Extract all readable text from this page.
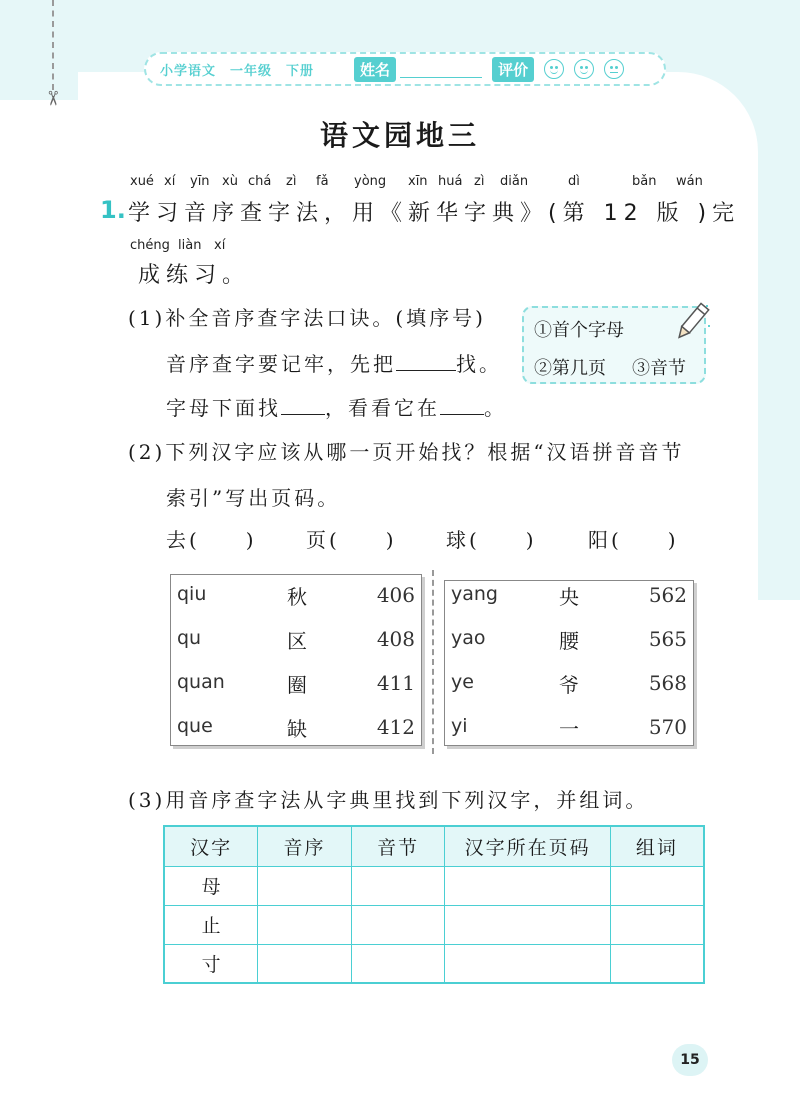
✂
小学语文 一年级 下册	姓名	评价
语文园地三
1.
xué xí yīn xù chá zì fǎ yòng xīn huá zì diǎn	dì	bǎn wán
学习音序查字法，用《新华字典》(第 12 版 )完
chéng liàn xí
成练习。
(1)补全音序查字法口诀。(填序号)
音序查字要记牢，先把	找。
字母下面找 ，看看它在 。
①首个字母
②第几页 ③音节
(2)下列汉字应该从哪一页开始找？根据“汉语拼音音节
索引”写出页码。
去(　　) 页(　　) 球(　　)	阳(　　)
qiu	秋	406
qu	区	408
quan	圈	411
que	缺	412
yang	央	562
yao	腰	565
ye	爷	568
yi	一	570
(3)用音序查字法从字典里找到下列汉字，并组词。
汉字	音序	音节	汉字所在页码	组词
母				
止				
寸				
15
